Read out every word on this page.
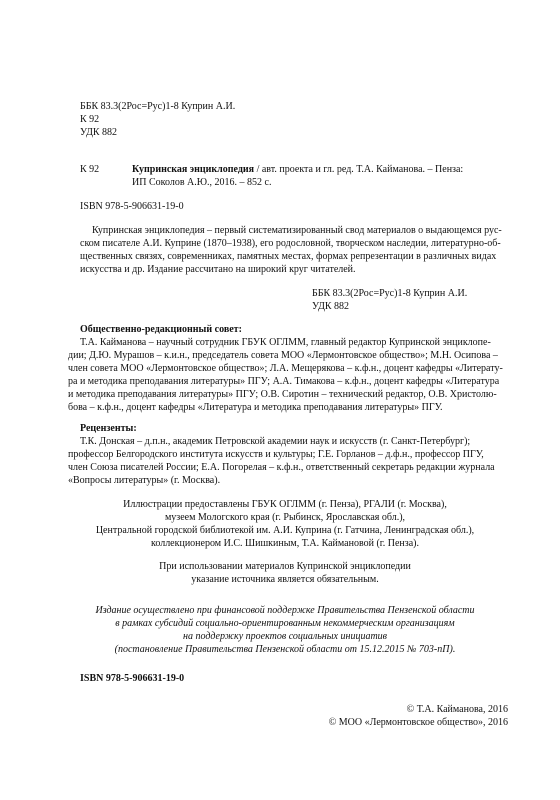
ББК 83.3(2Рос=Рус)1-8 Куприн А.И.
К 92
УДК 882
К 92	Купринская энциклопедия / авт. проекта и гл. ред. Т.А. Кайманова. – Пенза:
ИП Соколов А.Ю., 2016. – 852 с.
ISBN 978-5-906631-19-0
Купринская энциклопедия – первый систематизированный свод материалов о выдающемся рус-
ском писателе А.И. Куприне (1870–1938), его родословной, творческом наследии, литературно-об-
щественных связях, современниках, памятных местах, формах репрезентации в различных видах
искусства и др. Издание рассчитано на широкий круг читателей.
ББК 83.3(2Рос=Рус)1-8 Куприн А.И.
УДК 882
Общественно-редакционный совет:
Т.А. Кайманова – научный сотрудник ГБУК ОГЛММ, главный редактор Купринской энциклопе-
дии; Д.Ю. Мурашов – к.и.н., председатель совета МОО «Лермонтовское общество»; М.Н. Осипова –
член совета МОО «Лермонтовское общество»; Л.А. Мещерякова – к.ф.н., доцент кафедры «Литерату-
ра и методика преподавания литературы» ПГУ; А.А. Тимакова – к.ф.н., доцент кафедры «Литература
и методика преподавания литературы» ПГУ; О.В. Сиротин – технический редактор, О.В. Христолю-
бова – к.ф.н., доцент кафедры «Литература и методика преподавания литературы» ПГУ.
Рецензенты:
Т.К. Донская – д.п.н., академик Петровской академии наук и искусств (г. Санкт-Петербург);
профессор Белгородского института искусств и культуры; Г.Е. Горланов – д.ф.н., профессор ПГУ,
член Союза писателей России; Е.А. Погорелая – к.ф.н., ответственный секретарь редакции журнала
«Вопросы литературы» (г. Москва).
Иллюстрации предоставлены ГБУК ОГЛММ (г. Пенза), РГАЛИ (г. Москва),
музеем Мологского края (г. Рыбинск, Ярославская обл.),
Центральной городской библиотекой им. А.И. Куприна (г. Гатчина, Ленинградская обл.),
коллекционером И.С. Шишкиным, Т.А. Каймановой (г. Пенза).
При использовании материалов Купринской энциклопедии
указание источника является обязательным.
Издание осуществлено при финансовой поддержке Правительства Пензенской области
в рамках субсидий социально-ориентированным некоммерческим организациям
на поддержку проектов социальных инициатив
(постановление Правительства Пензенской области от 15.12.2015 № 703-пП).
ISBN 978-5-906631-19-0
© Т.А. Кайманова, 2016
© МОО «Лермонтовское общество», 2016
